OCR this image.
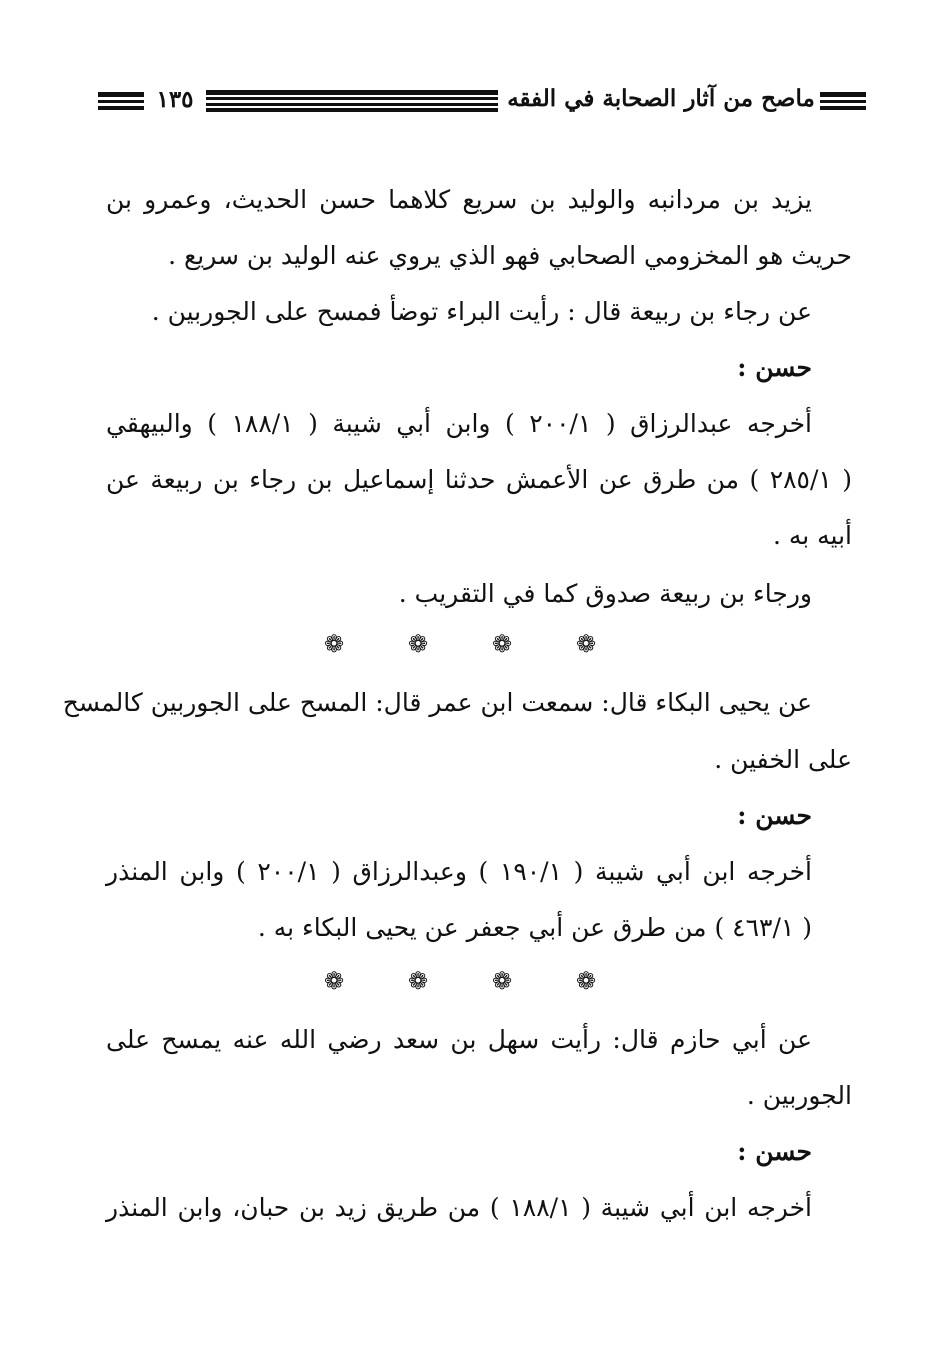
١٣٥	ماصح من آثار الصحابة في الفقه
يزيد بن مردانبه والوليد بن سريع كلاهما حسن الحديث، وعمرو بن
حريث هو المخزومي الصحابي فهو الذي يروي عنه الوليد بن سريع .
عن رجاء بن ربيعة قال : رأيت البراء توضأ فمسح على الجوربين .
حسن :
أخرجه عبدالرزاق ( ٢٠٠/١ ) وابن أبي شيبة ( ١٨٨/١ ) والبيهقي
( ٢٨٥/١ ) من طرق عن الأعمش حدثنا إسماعيل بن رجاء بن ربيعة عن
أبيه به .
ورجاء بن ربيعة صدوق كما في التقريب .
❁	❁	❁	❁
عن يحيى البكاء قال: سمعت ابن عمر قال: المسح على الجوربين كالمسح
على الخفين .
حسن :
أخرجه ابن أبي شيبة ( ١٩٠/١ ) وعبدالرزاق ( ٢٠٠/١ ) وابن المنذر
( ٤٦٣/١ ) من طرق عن أبي جعفر عن يحيى البكاء به .
❁	❁	❁	❁
عن أبي حازم قال: رأيت سهل بن سعد رضي الله عنه يمسح على
الجوربين .
حسن :
أخرجه ابن أبي شيبة ( ١٨٨/١ ) من طريق زيد بن حبان، وابن المنذر
